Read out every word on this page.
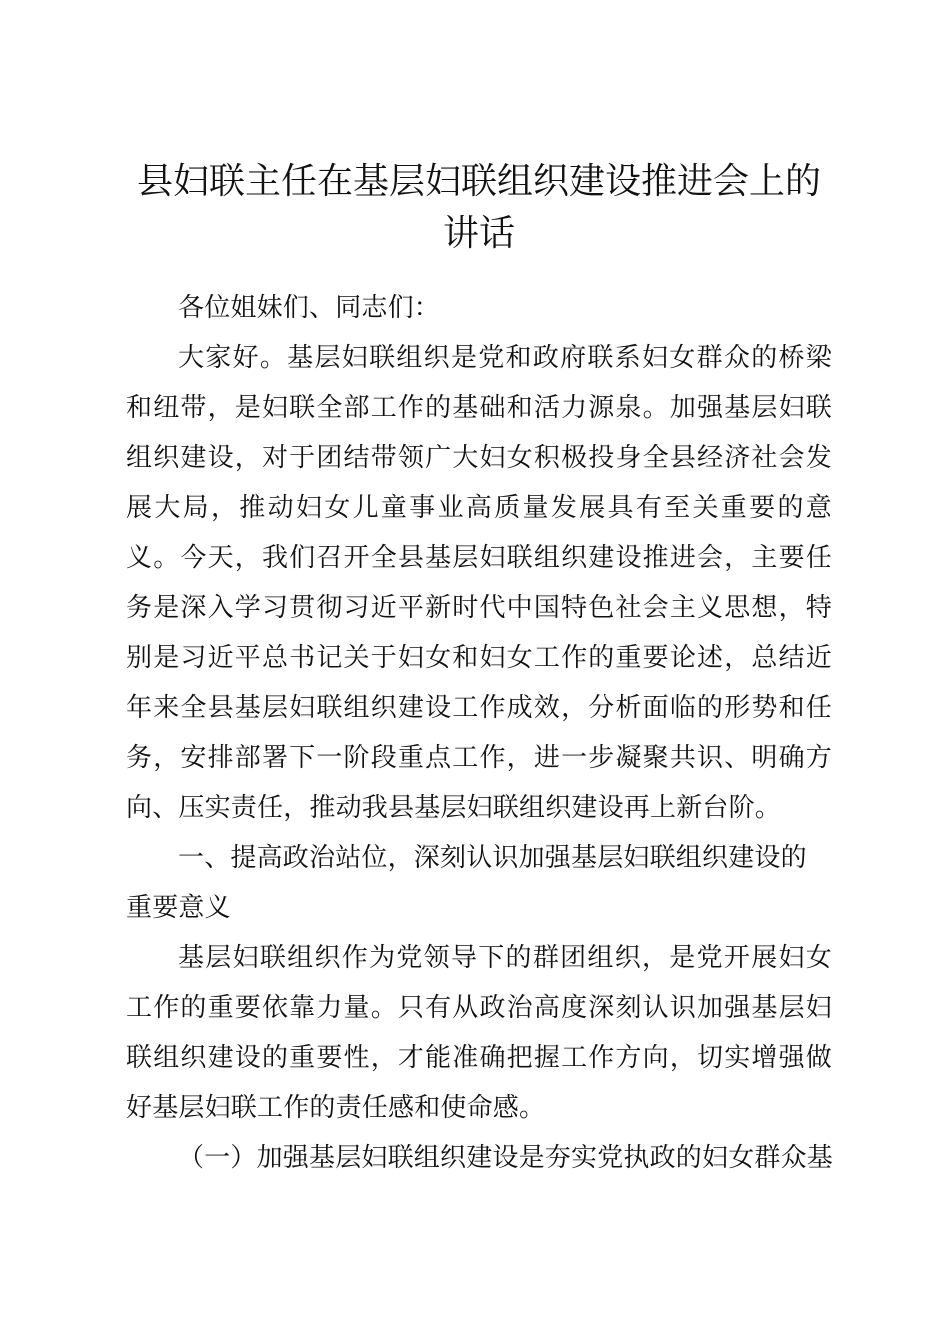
县妇联主任在基层妇联组织建设推进会上的讲话

各位姐妹们、同志们：

大家好。基层妇联组织是党和政府联系妇女群众的桥梁和纽带，是妇联全部工作的基础和活力源泉。加强基层妇联组织建设，对于团结带领广大妇女积极投身全县经济社会发展大局，推动妇女儿童事业高质量发展具有至关重要的意义。今天，我们召开全县基层妇联组织建设推进会，主要任务是深入学习贯彻习近平新时代中国特色社会主义思想，特别是习近平总书记关于妇女和妇女工作的重要论述，总结近年来全县基层妇联组织建设工作成效，分析面临的形势和任务，安排部署下一阶段重点工作，进一步凝聚共识、明确方向、压实责任，推动我县基层妇联组织建设再上新台阶。

一、提高政治站位，深刻认识加强基层妇联组织建设的重要意义

基层妇联组织作为党领导下的群团组织，是党开展妇女工作的重要依靠力量。只有从政治高度深刻认识加强基层妇联组织建设的重要性，才能准确把握工作方向，切实增强做好基层妇联工作的责任感和使命感。

（一）加强基层妇联组织建设是夯实党执政的妇女群众基
